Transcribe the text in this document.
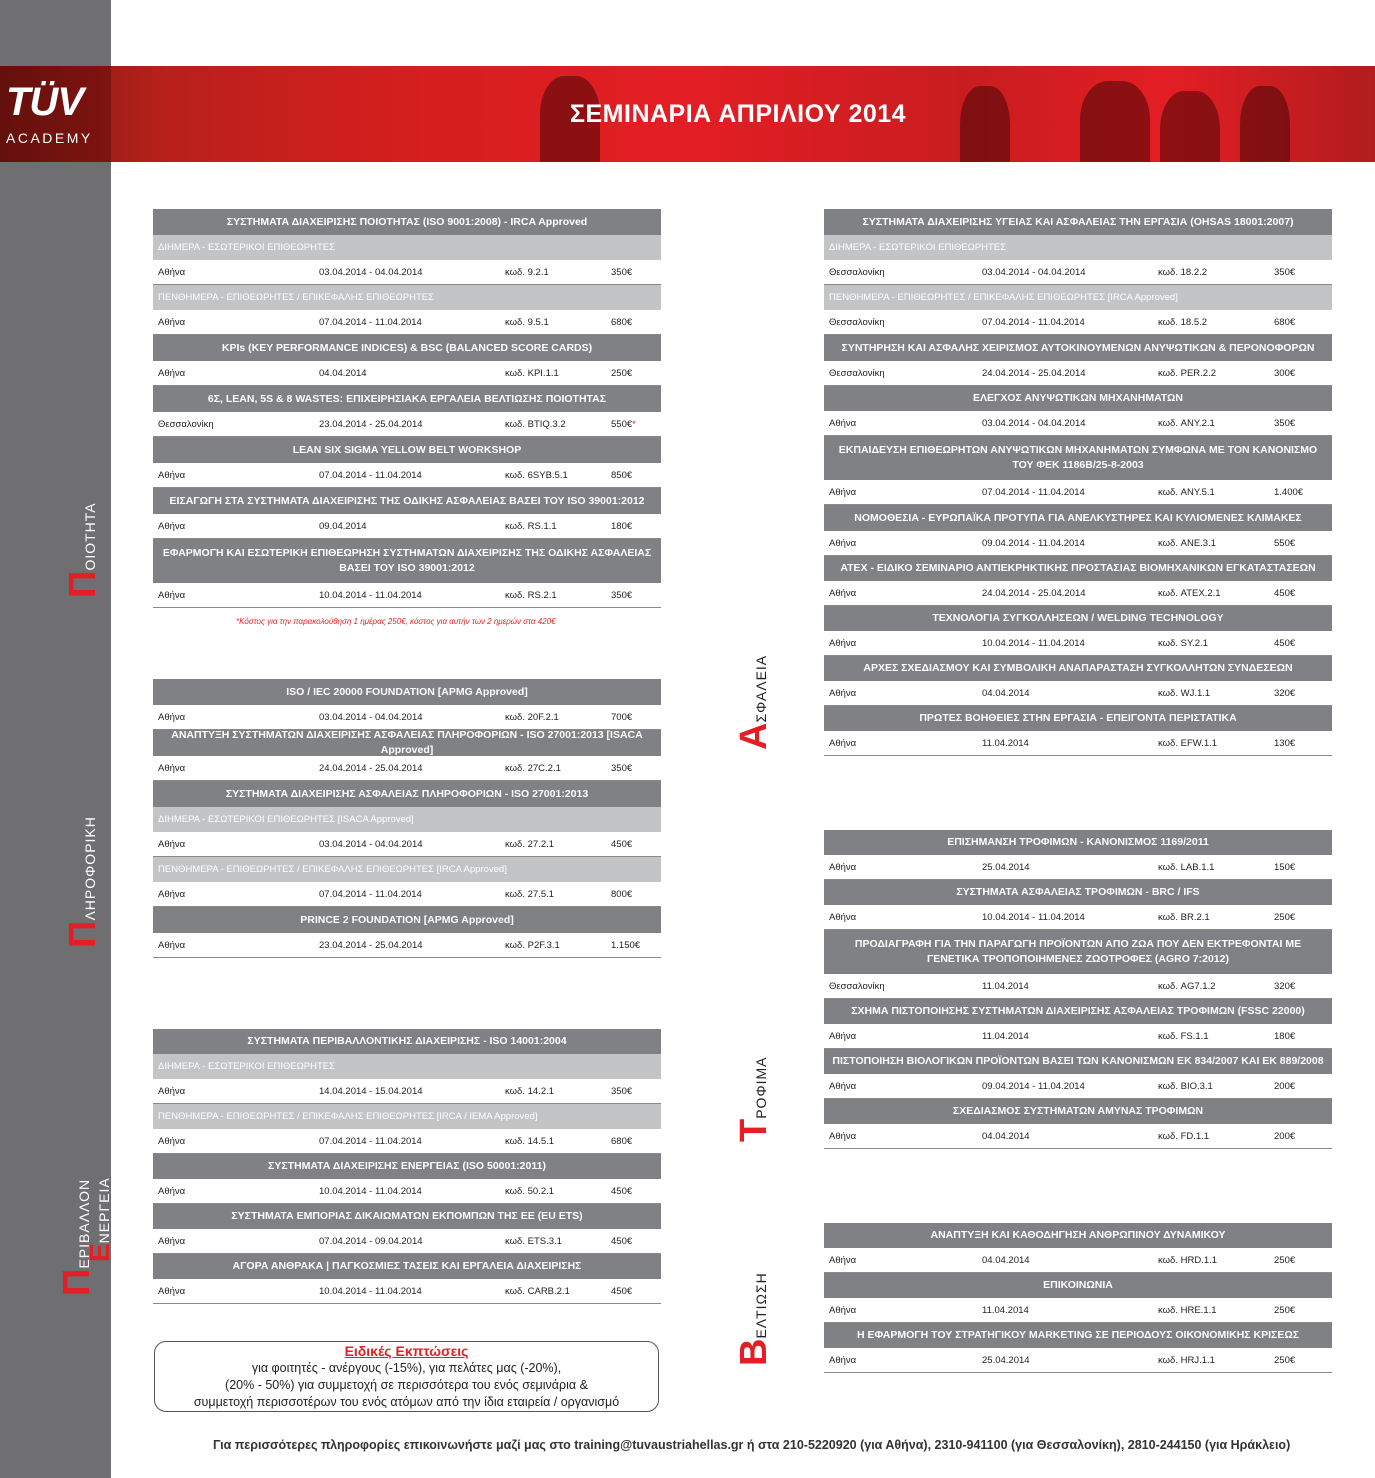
ΣΕΜΙΝΑΡΙΑ ΑΠΡΙΛΙΟΥ 2014
TÜV
ACADEMY
ΠΟΙΟΤΗΤΑ
ΠΛΗΡΟΦΟΡΙΚΗ
ΠΕΡΙΒΑΛΛΟΝ
ΕΝΕΡΓΕΙΑ
ΑΣΦΑΛΕΙΑ
ΤΡΟΦΙΜΑ
ΒΕΛΤΙΩΣΗ
ΣΥΣΤΗΜΑΤΑ ΔΙΑΧΕΙΡΙΣΗΣ ΠΟΙΟΤΗΤΑΣ (ISO 9001:2008) - IRCA Approved
ΔΙΗΜΕΡΑ - ΕΣΩΤΕΡΙΚΟΙ ΕΠΙΘΕΩΡΗΤΕΣ
Αθήνα	03.04.2014 - 04.04.2014	κωδ. 9.2.1	350€
ΠΕΝΘΗΜΕΡΑ - ΕΠΙΘΕΩΡΗΤΕΣ / ΕΠΙΚΕΦΑΛΗΣ ΕΠΙΘΕΩΡΗΤΕΣ
Αθήνα	07.04.2014 - 11.04.2014	κωδ. 9.5.1	680€
KPIs (KEY PERFORMANCE INDICES) & BSC (BALANCED SCORE CARDS)
Αθήνα	04.04.2014	κωδ. KPI.1.1	250€
6Σ, LEAN, 5S & 8 WASTES: ΕΠΙΧΕΙΡΗΣΙΑΚΑ ΕΡΓΑΛΕΙΑ ΒΕΛΤΙΩΣΗΣ ΠΟΙΟΤΗΤΑΣ
Θεσσαλονίκη	23.04.2014 - 25.04.2014	κωδ. BTIQ.3.2	550€*
LEAN SIX SIGMA YELLOW BELT WORKSHOP
Αθήνα	07.04.2014 - 11.04.2014	κωδ. 6SYB.5.1	850€
ΕΙΣΑΓΩΓΗ ΣΤΑ ΣΥΣΤΗΜΑΤΑ ΔΙΑΧΕΙΡΙΣΗΣ ΤΗΣ ΟΔΙΚΗΣ ΑΣΦΑΛΕΙΑΣ ΒΑΣΕΙ ΤΟΥ ISO 39001:2012
Αθήνα	09.04.2014	κωδ. RS.1.1	180€
ΕΦΑΡΜΟΓΗ ΚΑΙ ΕΣΩΤΕΡΙΚΗ ΕΠΙΘΕΩΡΗΣΗ ΣΥΣΤΗΜΑΤΩΝ ΔΙΑΧΕΙΡΙΣΗΣ ΤΗΣ ΟΔΙΚΗΣ ΑΣΦΑΛΕΙΑΣ ΒΑΣΕΙ ΤΟΥ ISO 39001:2012
Αθήνα	10.04.2014 - 11.04.2014	κωδ. RS.2.1	350€
*Κόστος για την παρακολούθηση 1 ημέρας 250€, κόστος για αυτήν των 2 ημερών στα 420€
ISO / IEC 20000 FOUNDATION [APMG Approved]
Αθήνα	03.04.2014 - 04.04.2014	κωδ. 20F.2.1	700€
ΑΝΑΠΤΥΞΗ ΣΥΣΤΗΜΑΤΩΝ ΔΙΑΧΕΙΡΙΣΗΣ ΑΣΦΑΛΕΙΑΣ ΠΛΗΡΟΦΟΡΙΩΝ - ISO 27001:2013 [ISACA Approved]
Αθήνα	24.04.2014 - 25.04.2014	κωδ. 27C.2.1	350€
ΣΥΣΤΗΜΑΤΑ ΔΙΑΧΕΙΡΙΣΗΣ ΑΣΦΑΛΕΙΑΣ ΠΛΗΡΟΦΟΡΙΩΝ - ISO 27001:2013
ΔΙΗΜΕΡΑ - ΕΣΩΤΕΡΙΚΟΙ ΕΠΙΘΕΩΡΗΤΕΣ [ISACA Approved]
Αθήνα	03.04.2014 - 04.04.2014	κωδ. 27.2.1	450€
ΠΕΝΘΗΜΕΡΑ - ΕΠΙΘΕΩΡΗΤΕΣ / ΕΠΙΚΕΦΑΛΗΣ ΕΠΙΘΕΩΡΗΤΕΣ [IRCA Approved]
Αθήνα	07.04.2014 - 11.04.2014	κωδ. 27.5.1	800€
PRINCE 2 FOUNDATION [APMG Approved]
Αθήνα	23.04.2014 - 25.04.2014	κωδ. P2F.3.1	1.150€
ΣΥΣΤΗΜΑΤΑ ΠΕΡΙΒΑΛΛΟΝΤΙΚΗΣ ΔΙΑΧΕΙΡΙΣΗΣ - ISO 14001:2004
ΔΙΗΜΕΡΑ - ΕΣΩΤΕΡΙΚΟΙ ΕΠΙΘΕΩΡΗΤΕΣ
Αθήνα	14.04.2014 - 15.04.2014	κωδ. 14.2.1	350€
ΠΕΝΘΗΜΕΡΑ - ΕΠΙΘΕΩΡΗΤΕΣ / ΕΠΙΚΕΦΑΛΗΣ ΕΠΙΘΕΩΡΗΤΕΣ [IRCA / IEMA Approved]
Αθήνα	07.04.2014 - 11.04.2014	κωδ. 14.5.1	680€
ΣΥΣΤΗΜΑΤΑ ΔΙΑΧΕΙΡΙΣΗΣ ΕΝΕΡΓΕΙΑΣ (ISO 50001:2011)
Αθήνα	10.04.2014 - 11.04.2014	κωδ. 50.2.1	450€
ΣΥΣΤΗΜΑΤΑ ΕΜΠΟΡΙΑΣ ΔΙΚΑΙΩΜΑΤΩΝ ΕΚΠΟΜΠΩΝ ΤΗΣ ΕΕ (EU ETS)
Αθήνα	07.04.2014 - 09.04.2014	κωδ. ETS.3.1	450€
ΑΓΟΡΑ ΑΝΘΡΑΚΑ | ΠΑΓΚΟΣΜΙΕΣ ΤΑΣΕΙΣ ΚΑΙ ΕΡΓΑΛΕΙΑ ΔΙΑΧΕΙΡΙΣΗΣ
Αθήνα	10.04.2014 - 11.04.2014	κωδ. CARB.2.1	450€
ΣΥΣΤΗΜΑΤΑ ΔΙΑΧΕΙΡΙΣΗΣ ΥΓΕΙΑΣ ΚΑΙ ΑΣΦΑΛΕΙΑΣ ΤΗΝ ΕΡΓΑΣΙΑ (OHSAS 18001:2007)
ΔΙΗΜΕΡΑ - ΕΣΩΤΕΡΙΚΟΙ ΕΠΙΘΕΩΡΗΤΕΣ
Θεσσαλονίκη	03.04.2014 - 04.04.2014	κωδ. 18.2.2	350€
ΠΕΝΘΗΜΕΡΑ - ΕΠΙΘΕΩΡΗΤΕΣ / ΕΠΙΚΕΦΑΛΗΣ ΕΠΙΘΕΩΡΗΤΕΣ [IRCA Approved]
Θεσσαλονίκη	07.04.2014 - 11.04.2014	κωδ. 18.5.2	680€
ΣΥΝΤΗΡΗΣΗ ΚΑΙ ΑΣΦΑΛΗΣ ΧΕΙΡΙΣΜΟΣ ΑΥΤΟΚΙΝΟΥΜΕΝΩΝ ΑΝΥΨΩΤΙΚΩΝ & ΠΕΡΟΝΟΦΟΡΩΝ
Θεσσαλονίκη	24.04.2014 - 25.04.2014	κωδ. PER.2.2	300€
ΕΛΕΓΧΟΣ ΑΝΥΨΩΤΙΚΩΝ ΜΗΧΑΝΗΜΑΤΩΝ
Αθήνα	03.04.2014 - 04.04.2014	κωδ. ANY.2.1	350€
ΕΚΠΑΙΔΕΥΣΗ ΕΠΙΘΕΩΡΗΤΩΝ ΑΝΥΨΩΤΙΚΩΝ ΜΗΧΑΝΗΜΑΤΩΝ ΣΥΜΦΩΝΑ ΜΕ ΤΟΝ ΚΑΝΟΝΙΣΜΟ ΤΟΥ ΦΕΚ 1186Β/25-8-2003
Αθήνα	07.04.2014 - 11.04.2014	κωδ. ANY.5.1	1.400€
ΝΟΜΟΘΕΣΙΑ - ΕΥΡΩΠΑΪΚΑ ΠΡΟΤΥΠΑ ΓΙΑ ΑΝΕΛΚΥΣΤΗΡΕΣ ΚΑΙ ΚΥΛΙΟΜΕΝΕΣ ΚΛΙΜΑΚΕΣ
Αθήνα	09.04.2014 - 11.04.2014	κωδ. ANE.3.1	550€
ATEX - ΕΙΔΙΚΟ ΣΕΜΙΝΑΡΙΟ ΑΝΤΙΕΚΡΗΚΤΙΚΗΣ ΠΡΟΣΤΑΣΙΑΣ ΒΙΟΜΗΧΑΝΙΚΩΝ ΕΓΚΑΤΑΣΤΑΣΕΩΝ
Αθήνα	24.04.2014 - 25.04.2014	κωδ. ATEX.2.1	450€
ΤΕΧΝΟΛΟΓΙΑ ΣΥΓΚΟΛΛΗΣΕΩΝ / WELDING TECHNOLOGY
Αθήνα	10.04.2014 - 11.04.2014	κωδ. SY.2.1	450€
ΑΡΧΕΣ ΣΧΕΔΙΑΣΜΟΥ ΚΑΙ ΣΥΜΒΟΛΙΚΗ ΑΝΑΠΑΡΑΣΤΑΣΗ ΣΥΓΚΟΛΛΗΤΩΝ ΣΥΝΔΕΣΕΩΝ
Αθήνα	04.04.2014	κωδ. WJ.1.1	320€
ΠΡΩΤΕΣ ΒΟΗΘΕΙΕΣ ΣΤΗΝ ΕΡΓΑΣΙΑ - ΕΠΕΙΓΟΝΤΑ ΠΕΡΙΣΤΑΤΙΚΑ
Αθήνα	11.04.2014	κωδ. EFW.1.1	130€
ΕΠΙΣΗΜΑΝΣΗ ΤΡΟΦΙΜΩΝ - ΚΑΝΟΝΙΣΜΟΣ 1169/2011
Αθήνα	25.04.2014	κωδ. LAB.1.1	150€
ΣΥΣΤΗΜΑΤΑ ΑΣΦΑΛΕΙΑΣ ΤΡΟΦΙΜΩΝ - BRC / IFS
Αθήνα	10.04.2014 - 11.04.2014	κωδ. BR.2.1	250€
ΠΡΟΔΙΑΓΡΑΦΗ ΓΙΑ ΤΗΝ ΠΑΡΑΓΩΓΗ ΠΡΟΪΟΝΤΩΝ ΑΠΟ ΖΩΑ ΠΟΥ ΔΕΝ ΕΚΤΡΕΦΟΝΤΑΙ ΜΕ ΓΕΝΕΤΙΚΑ ΤΡΟΠΟΠΟΙΗΜΕΝΕΣ ΖΩΟΤΡΟΦΕΣ (AGRO 7:2012)
Θεσσαλονίκη	11.04.2014	κωδ. AG7.1.2	320€
ΣΧΗΜΑ ΠΙΣΤΟΠΟΙΗΣΗΣ ΣΥΣΤΗΜΑΤΩΝ ΔΙΑΧΕΙΡΙΣΗΣ ΑΣΦΑΛΕΙΑΣ ΤΡΟΦΙΜΩΝ (FSSC 22000)
Αθήνα	11.04.2014	κωδ. FS.1.1	180€
ΠΙΣΤΟΠΟΙΗΣΗ ΒΙΟΛΟΓΙΚΩΝ ΠΡΟΪΟΝΤΩΝ ΒΑΣΕΙ ΤΩΝ ΚΑΝΟΝΙΣΜΩΝ ΕΚ 834/2007 ΚΑΙ ΕΚ 889/2008
Αθήνα	09.04.2014 - 11.04.2014	κωδ. BIO.3.1	200€
ΣΧΕΔΙΑΣΜΟΣ ΣΥΣΤΗΜΑΤΩΝ ΑΜΥΝΑΣ ΤΡΟΦΙΜΩΝ
Αθήνα	04.04.2014	κωδ. FD.1.1	200€
ΑΝΑΠΤΥΞΗ ΚΑΙ ΚΑΘΟΔΗΓΗΣΗ ΑΝΘΡΩΠΙΝΟΥ ΔΥΝΑΜΙΚΟΥ
Αθήνα	04.04.2014	κωδ. HRD.1.1	250€
ΕΠΙΚΟΙΝΩΝΙΑ
Αθήνα	11.04.2014	κωδ. HRE.1.1	250€
Η ΕΦΑΡΜΟΓΗ ΤΟΥ ΣΤΡΑΤΗΓΙΚΟΥ MARKETING ΣΕ ΠΕΡΙΟΔΟΥΣ ΟΙΚΟΝΟΜΙΚΗΣ ΚΡΙΣΕΩΣ
Αθήνα	25.04.2014	κωδ. HRJ.1.1	250€
Ειδικές Εκπτώσεις
για φοιτητές - ανέργους (-15%), για πελάτες μας (-20%),
(20% - 50%) για συμμετοχή σε περισσότερα του ενός σεμινάρια &
συμμετοχή περισσοτέρων του ενός ατόμων από την ίδια εταιρεία / οργανισμό
Για περισσότερες πληροφορίες επικοινωνήστε μαζί μας στο training@tuvaustriahellas.gr ή στα 210-5220920 (για Αθήνα), 2310-941100 (για Θεσσαλονίκη), 2810-244150 (για Ηράκλειο)
